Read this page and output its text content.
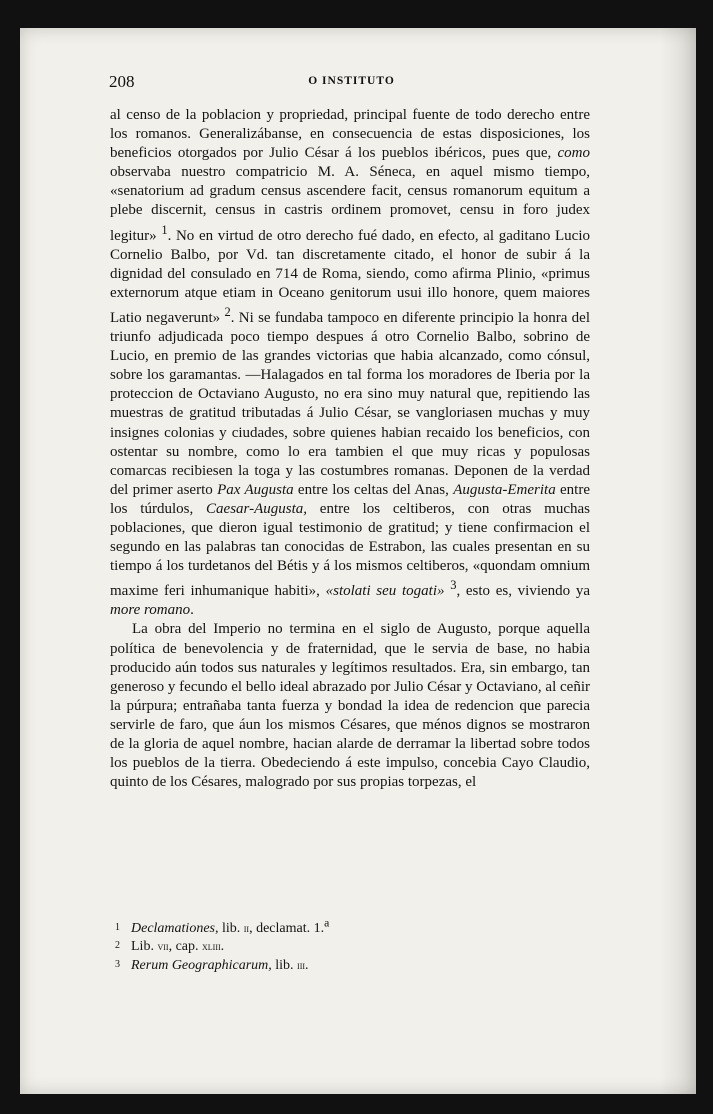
208	O INSTITUTO

al censo de la poblacion y propriedad, principal fuente de todo derecho entre los romanos. Generalizábanse, en consecuencia de estas disposiciones, los beneficios otorgados por Julio César á los pueblos ibéricos, pues que, como observaba nuestro compatricio M. A. Séneca, en aquel mismo tiempo, «senatorium ad gradum census ascendere facit, census romanorum equitum a plebe discernit, census in castris ordinem promovet, censu in foro judex legitur» $^1$. No en virtud de otro derecho fué dado, en efecto, al gaditano Lucio Cornelio Balbo, por Vd. tan discretamente citado, el honor de subir á la dignidad del consulado en 714 de Roma, siendo, como afirma Plinio, «primus externorum atque etiam in Oceano genitorum usui illo honore, quem maiores Latio negaverunt» $^2$. Ni se fundaba tampoco en diferente principio la honra del triunfo adjudicada poco tiempo despues á otro Cornelio Balbo, sobrino de Lucio, en premio de las grandes victorias que habia alcanzado, como cónsul, sobre los garamantas. —Halagados en tal forma los moradores de Iberia por la proteccion de Octaviano Augusto, no era sino muy natural que, repitiendo las muestras de gratitud tributadas á Julio César, se vangloriasen muchas y muy insignes colonias y ciudades, sobre quienes habian recaido los beneficios, con ostentar su nombre, como lo era tambien el que muy ricas y populosas comarcas recibiesen la toga y las costumbres romanas. Deponen de la verdad del primer aserto Pax Augusta entre los celtas del Anas, Augusta-Emerita entre los túrdulos, Caesar-Augusta, entre los celtiberos, con otras muchas poblaciones, que dieron igual testimonio de gratitud; y tiene confirmacion el segundo en las palabras tan conocidas de Estrabon, las cuales presentan en su tiempo á los turdetanos del Bétis y á los mismos celtiberos, «quondam omnium maxime feri inhumanique habiti», «stolati seu togati» $^3$, esto es, viviendo ya more romano.

La obra del Imperio no termina en el siglo de Augusto, porque aquella política de benevolencia y de fraternidad, que le servia de base, no habia producido aún todos sus naturales y legítimos resultados. Era, sin embargo, tan generoso y fecundo el bello ideal abrazado por Julio César y Octaviano, al ceñir la púrpura; entrañaba tanta fuerza y bondad la idea de redencion que parecia servirle de faro, que áun los mismos Césares, que ménos dignos se mostraron de la gloria de aquel nombre, hacian alarde de derramar la libertad sobre todos los pueblos de la tierra. Obedeciendo á este impulso, concebia Cayo Claudio, quinto de los Césares, malogrado por sus propias torpezas, el

1 Declamationes, lib. ii, declamat. 1.$^a$
2 Lib. vii, cap. xliii.
3 Rerum Geographicarum, lib. iii.
